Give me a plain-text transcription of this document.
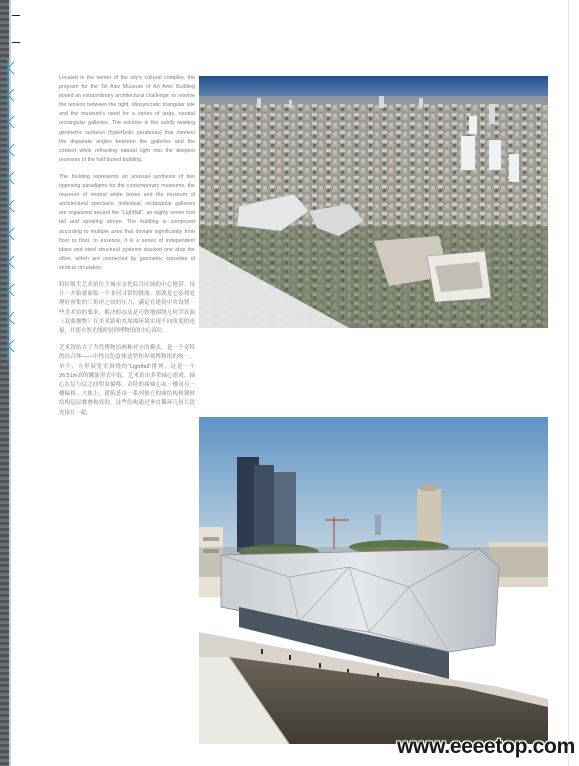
Located in the center of the city's cultural complex, the program for the Tel Aviv Museum of Art Amir Building posed an extraordinary architectural challenge: to resolve the tension between the tight, idiosyncratic triangular site and the museum's need for a series of large, neutral rectangular galleries. The solution is the subtly twisting geometric surfaces (hyperbolic parabolas) that connect the disparate angles between the galleries and the context while refracting natural light into the deepest recesses of the half buried building.

The building represents an unusual synthesis of two opposing paradigms for the contemporary museums, the museum of neutral white boxes and the museum of architectural spectacle. Individual, rectangular galleries are organized around the "Lightfall", an eighty seven foot tall and spiraling atrium. The building is composed according to multiple axes that deviate significantly from floor to floor. In essence, it is a series of independent plans and steel structural systems stacked one atop the other, which are connected by geometric episodes of vertical circulation.

特拉维夫艺术馆位于城市文化综合区域的中心地带。设计一开始就面临一个非同寻常的挑战：那就是它必须处理好密集的三角形之间的压力，满足在建筑中央设置一些美术馆的要求。解决的办法是巧妙地围绕几何学表面（双曲抛物）在美术馆和其周围环境实现不同角度的连接，并使自然光线照射到博物馆的中心部位。

艺术馆结合了当代博物馆两种对立的模式，是一个奇特的结合体——中性白色盒体适型和界观博物馆的统一。单个、方形展览室围绕的“Lightfall”排列，这是一个26.51m高的螺旋形式中庭。艺术馆由多重轴心组成，轴心在层与层之间明显偏移。奇特的属轴心由一楼问另一楼偏移。大体上，建筑是由一系列独立的面结构和钢材结构层层叠叠构成的。这些结构通过垂直循环几何片段连接在一起。

www.eeeetop.com
